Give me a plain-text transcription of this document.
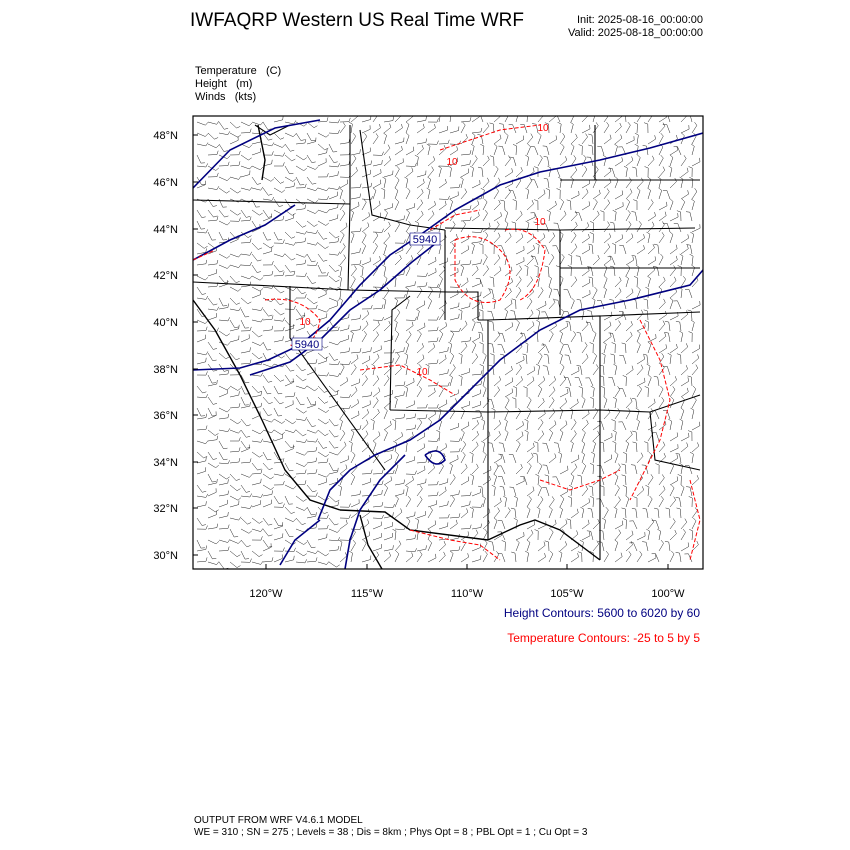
IWFAQRP Western US Real Time WRF	Init: 2025-08-16_00:00:00
Valid: 2025-08-18_00:00:00
Temperature (C)
Height (m)
Winds (kts)
5940
5940
10
10
10
10
10
48°N
46°N
44°N
42°N
40°N
38°N
36°N
34°N
32°N
30°N
120°W	115°W	110°W	105°W	100°W
Height Contours: 5600 to 6020 by 60
Temperature Contours: -25 to 5 by 5
OUTPUT FROM WRF V4.6.1 MODEL
WE = 310 ; SN = 275 ; Levels = 38 ; Dis = 8km ; Phys Opt = 8 ; PBL Opt = 1 ; Cu Opt = 3
